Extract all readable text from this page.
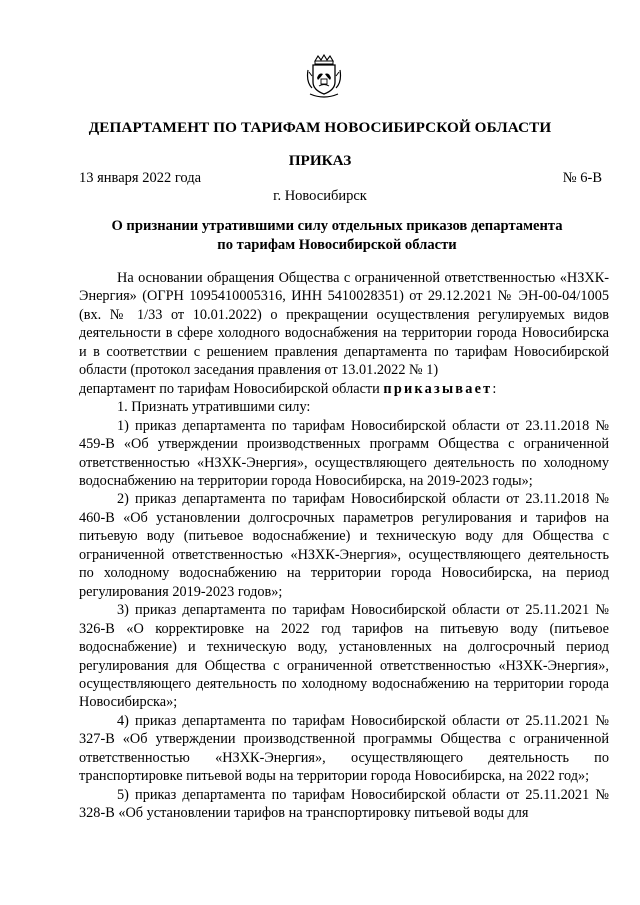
ДЕПАРТАМЕНТ ПО ТАРИФАМ НОВОСИБИРСКОЙ ОБЛАСТИ
ПРИКАЗ
13 января 2022 года	№ 6-В
г. Новосибирск
О признании утратившими силу отдельных приказов департамента по тарифам Новосибирской области

На основании обращения Общества с ограниченной ответственностью «НЗХК-Энергия» (ОГРН 1095410005316, ИНН 5410028351) от 29.12.2021 № ЭН-00-04/1005 (вх. № 1/33 от 10.01.2022) о прекращении осуществления регулируемых видов деятельности в сфере холодного водоснабжения на территории города Новосибирска и в соответствии с решением правления департамента по тарифам Новосибирской области (протокол заседания правления от 13.01.2022 № 1)

департамент по тарифам Новосибирской области приказывает:

1. Признать утратившими силу:

1) приказ департамента по тарифам Новосибирской области от 23.11.2018 № 459-В «Об утверждении производственных программ Общества с ограниченной ответственностью «НЗХК-Энергия», осуществляющего деятельность по холодному водоснабжению на территории города Новосибирска, на 2019-2023 годы»;

2) приказ департамента по тарифам Новосибирской области от 23.11.2018 № 460-В «Об установлении долгосрочных параметров регулирования и тарифов на питьевую воду (питьевое водоснабжение) и техническую воду для Общества с ограниченной ответственностью «НЗХК-Энергия», осуществляющего деятельность по холодному водоснабжению на территории города Новосибирска, на период регулирования 2019-2023 годов»;

3) приказ департамента по тарифам Новосибирской области от 25.11.2021 № 326-В «О корректировке на 2022 год тарифов на питьевую воду (питьевое водоснабжение) и техническую воду, установленных на долгосрочный период регулирования для Общества с ограниченной ответственностью «НЗХК-Энергия», осуществляющего деятельность по холодному водоснабжению на территории города Новосибирска»;

4) приказ департамента по тарифам Новосибирской области от 25.11.2021 № 327-В «Об утверждении производственной программы Общества с ограниченной ответственностью «НЗХК-Энергия», осуществляющего деятельность по транспортировке питьевой воды на территории города Новосибирска, на 2022 год»;

5) приказ департамента по тарифам Новосибирской области от 25.11.2021 № 328-В «Об установлении тарифов на транспортировку питьевой воды для
